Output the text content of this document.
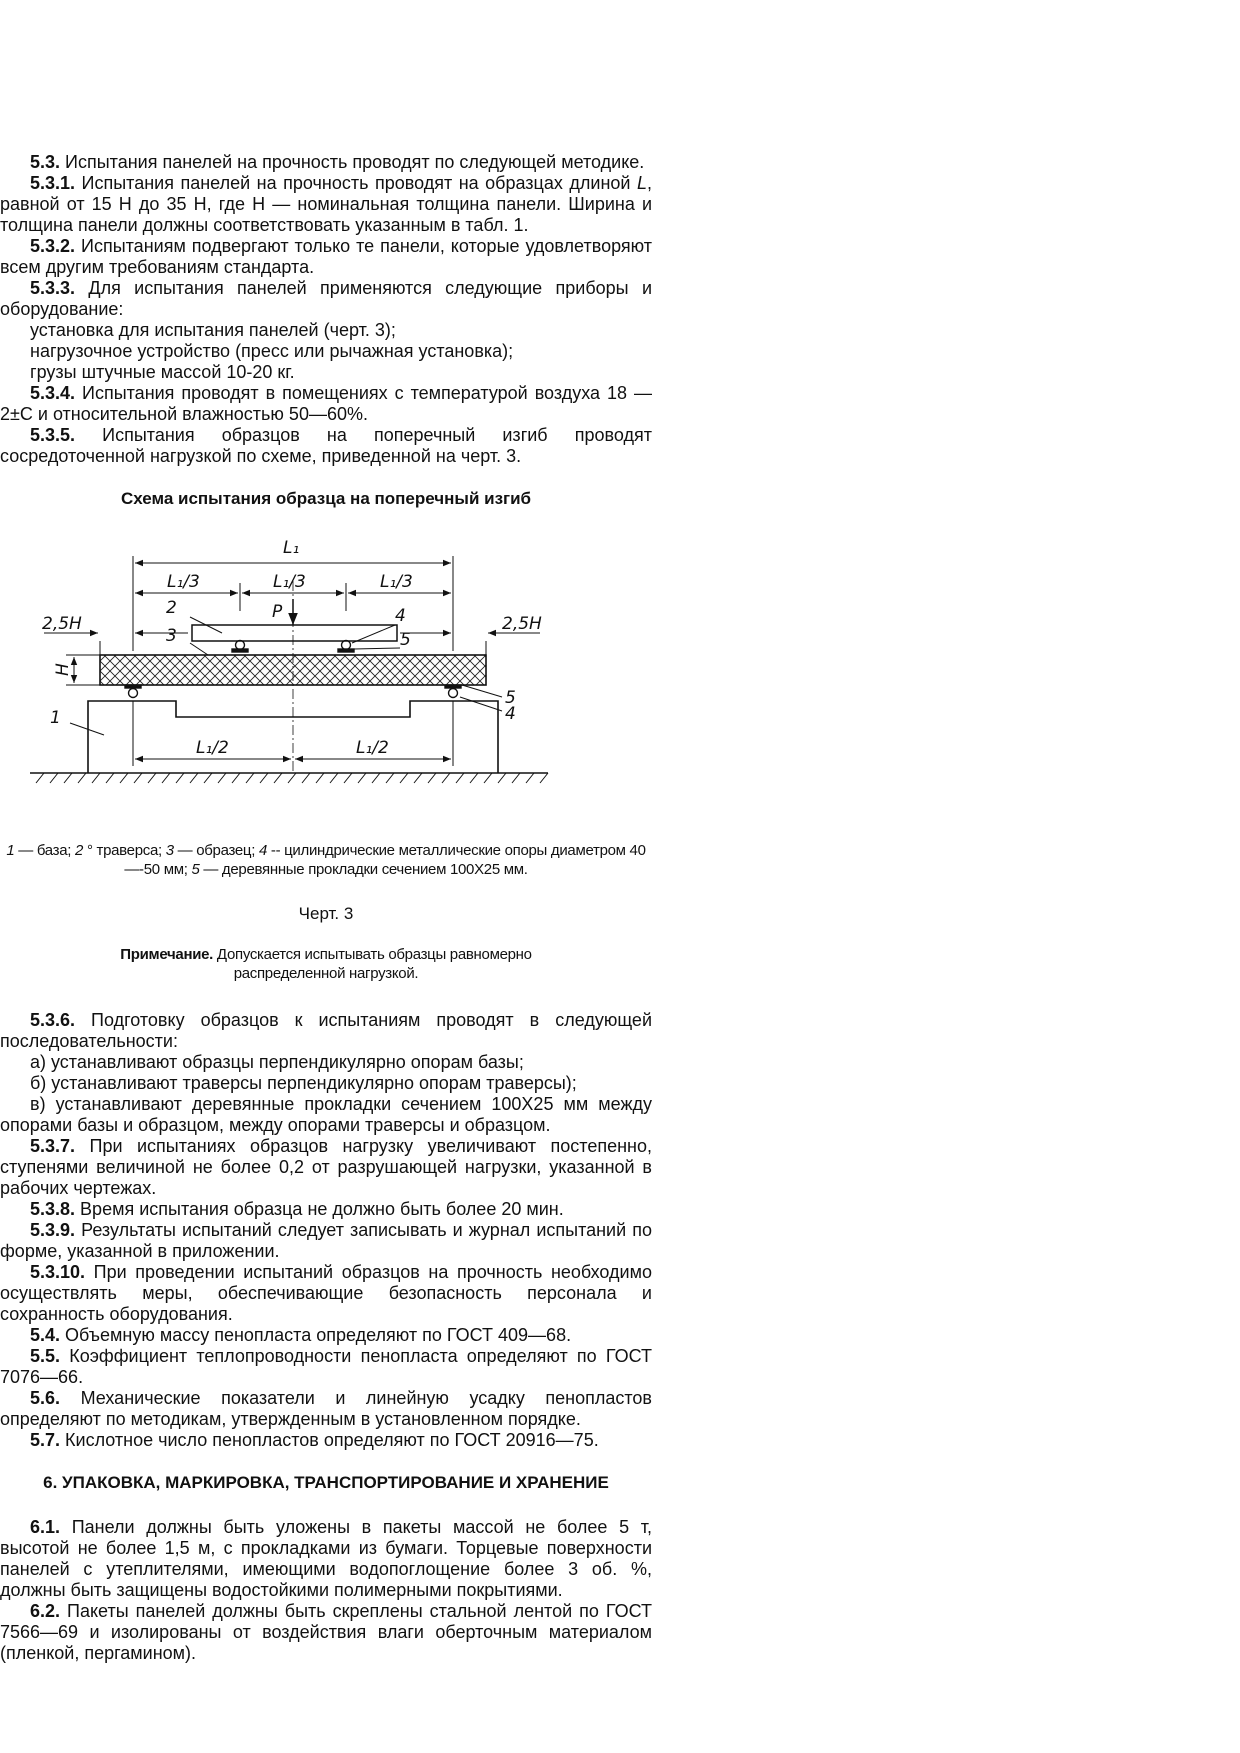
5.3. Испытания панелей на прочность проводят по следующей методике.

5.3.1. Испытания панелей на прочность проводят на образцах длиной L, равной от 15 Н до 35 Н, где Н — номинальная толщина панели. Ширина и толщина панели должны соответствовать указанным в табл. 1.

5.3.2. Испытаниям подвергают только те панели, которые удовлетворяют всем другим требованиям стандарта.

5.3.3. Для испытания панелей применяются следующие приборы и оборудование:

установка для испытания панелей (черт. 3);

нагрузочное устройство (пресс или рычажная установка);

грузы штучные массой 10-20 кг.

5.3.4. Испытания проводят в помещениях с температурой воздуха 18 —2±С и относительной влажностью 50—60%.

5.3.5. Испытания образцов на поперечный изгиб проводят сосредоточенной нагрузкой по схеме, приведенной на черт. 3.

Схема испытания образца на поперечный изгиб

L₁
L₁/3	L₁/3	L₁/3
P
2
3
4
5
5
4
1
2,5H	2,5H
H
L₁/2	L₁/2

1 — база; 2 ° траверса; 3 — образец; 4 -- цилиндрические металлические опоры диаметром 40—-50 мм; 5 — деревянные прокладки сечением 100Х25 мм.

Черт. 3

Примечание. Допускается испытывать образцы равномерно распределенной нагрузкой.

5.3.6. Подготовку образцов к испытаниям проводят в следующей последовательности:

а) устанавливают образцы перпендикулярно опорам базы;

б) устанавливают траверсы перпендикулярно опорам траверсы);

в) устанавливают деревянные прокладки сечением 100Х25 мм между опорами базы и образцом, между опорами траверсы и образцом.

5.3.7. При испытаниях образцов нагрузку увеличивают постепенно, ступенями величиной не более 0,2 от разрушающей нагрузки, указанной в рабочих чертежах.

5.3.8. Время испытания образца не должно быть более 20 мин.

5.3.9. Результаты испытаний следует записывать и журнал испытаний по форме, указанной в приложении.

5.3.10. При проведении испытаний образцов на прочность необходимо осуществлять меры, обеспечивающие безопасность персонала и сохранность оборудования.

5.4. Объемную массу пенопласта определяют по ГОСТ 409—68.

5.5. Коэффициент теплопроводности пенопласта определяют по ГОСТ 7076—66.

5.6. Механические показатели и линейную усадку пенопластов определяют по методикам, утвержденным в установленном порядке.

5.7. Кислотное число пенопластов определяют по ГОСТ 20916—75.

6. УПАКОВКА, МАРКИРОВКА, ТРАНСПОРТИРОВАНИЕ И ХРАНЕНИЕ

6.1. Панели должны быть уложены в пакеты массой не более 5 т, высотой не более 1,5 м, с прокладками из бумаги. Торцевые поверхности панелей с утеплителями, имеющими водопоглощение более 3 об. %, должны быть защищены водостойкими полимерными покрытиями.

6.2. Пакеты панелей должны быть скреплены стальной лентой по ГОСТ 7566—69 и изолированы от воздействия влаги оберточным материалом (пленкой, пергамином).
